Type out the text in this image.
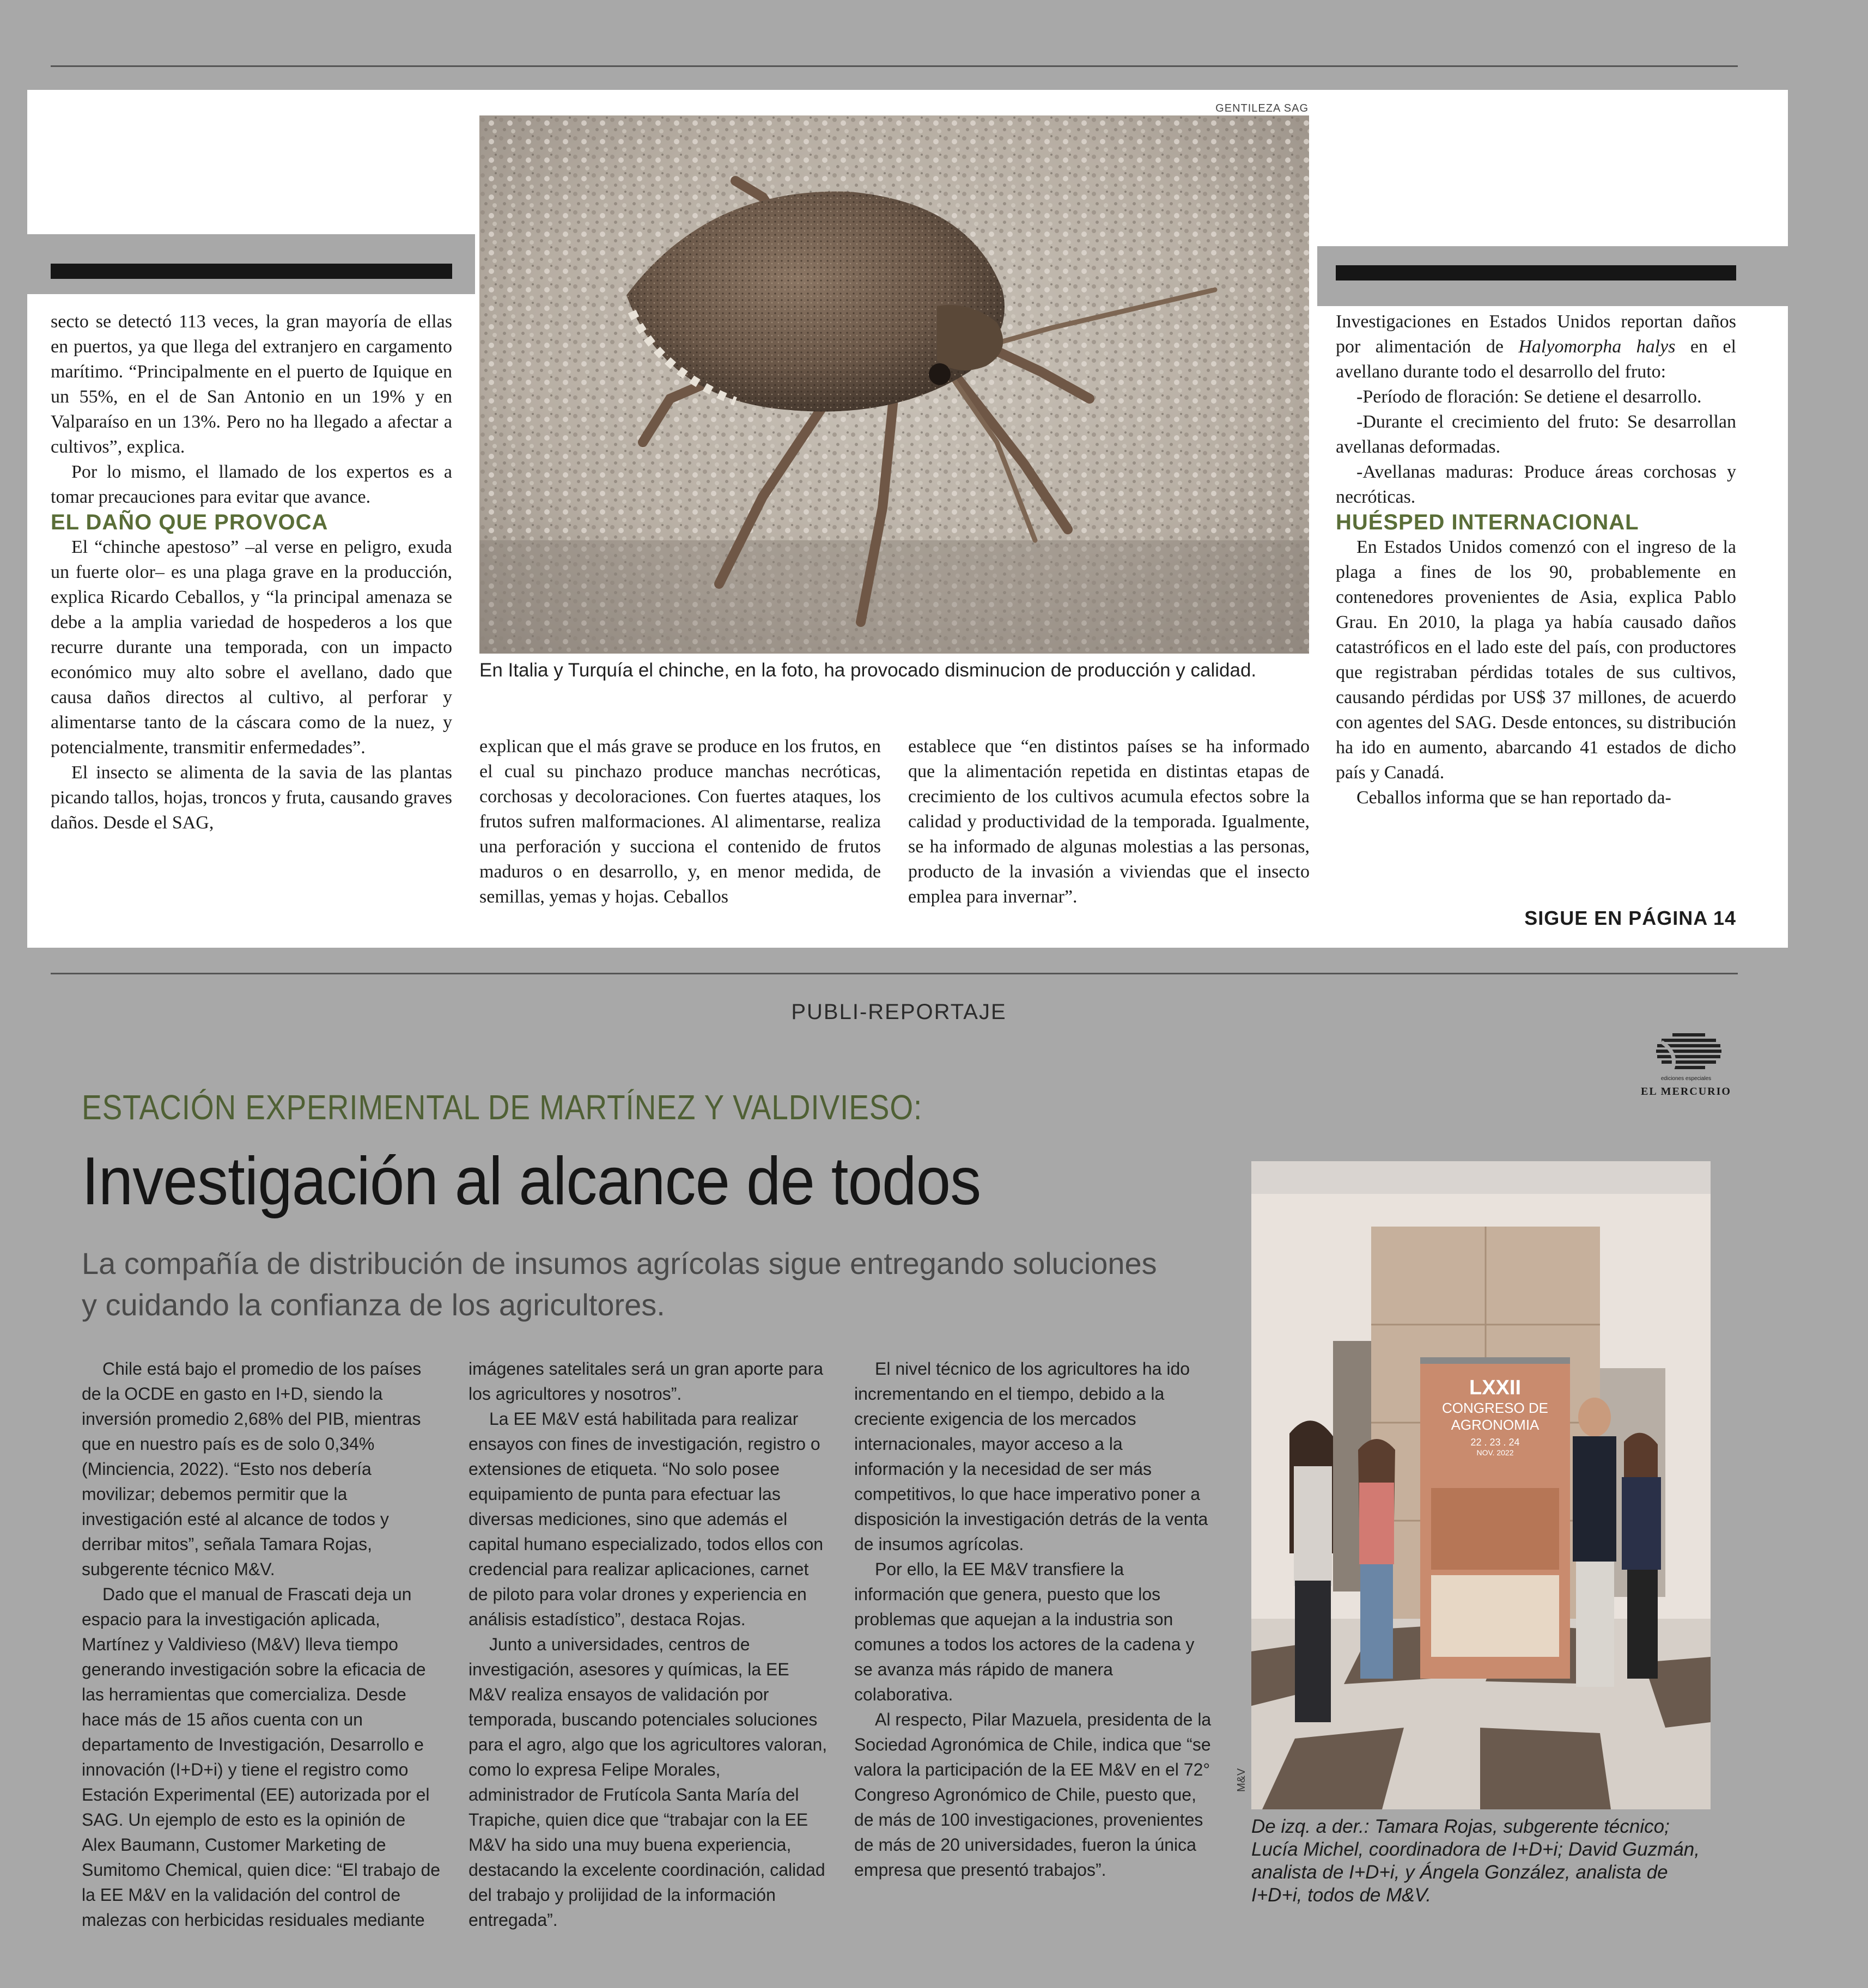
GENTILEZA SAG
En Italia y Turquía el chinche, en la foto, ha provocado disminucion de producción y calidad.

secto se detectó 113 veces, la gran mayoría de ellas en puertos, ya que llega del extranjero en cargamento marítimo. “Principalmente en el puerto de Iquique en un 55%, en el de San Antonio en un 19% y en Valparaíso en un 13%. Pero no ha llegado a afectar a cultivos”, explica.

Por lo mismo, el llamado de los expertos es a tomar precauciones para evitar que avance.

EL DAÑO QUE PROVOCA

El “chinche apestoso” –al verse en peligro, exuda un fuerte olor– es una plaga grave en la producción, explica Ricardo Ceballos, y “la principal amenaza se debe a la amplia variedad de hospederos a los que recurre durante una temporada, con un impacto económico muy alto sobre el avellano, dado que causa daños directos al cultivo, al perforar y alimentarse tanto de la cáscara como de la nuez, y potencialmente, transmitir enfermedades”.

El insecto se alimenta de la savia de las plantas picando tallos, hojas, troncos y fruta, causando graves daños. Desde el SAG,

explican que el más grave se produce en los frutos, en el cual su pinchazo produce manchas necróticas, corchosas y decoloraciones. Con fuertes ataques, los frutos sufren malformaciones. Al alimentarse, realiza una perforación y succiona el contenido de frutos maduros o en desarrollo, y, en menor medida, de semillas, yemas y hojas. Ceballos

establece que “en distintos países se ha informado que la alimentación repetida en distintas etapas de crecimiento de los cultivos acumula efectos sobre la calidad y productividad de la temporada. Igualmente, se ha informado de algunas molestias a las personas, producto de la invasión a viviendas que el insecto emplea para invernar”.

Investigaciones en Estados Unidos reportan daños por alimentación de Halyomorpha halys en el avellano durante todo el desarrollo del fruto:

-Período de floración: Se detiene el desarrollo.

-Durante el crecimiento del fruto: Se desarrollan avellanas deformadas.

-Avellanas maduras: Produce áreas corchosas y necróticas.

HUÉSPED INTERNACIONAL

En Estados Unidos comenzó con el ingreso de la plaga a fines de los 90, probablemente en contenedores provenientes de Asia, explica Pablo Grau. En 2010, la plaga ya había causado daños catastróficos en el lado este del país, con productores que registraban pérdidas totales de sus cultivos, causando pérdidas por US$ 37 millones, de acuerdo con agentes del SAG. Desde entonces, su distribución ha ido en aumento, abarcando 41 estados de dicho país y Canadá.

Ceballos informa que se han reportado da-

SIGUE EN PÁGINA 14
PUBLI-REPORTAJE
ediciones especiales
EL MERCURIO
ESTACIÓN EXPERIMENTAL DE MARTÍNEZ Y VALDIVIESO:
Investigación al alcance de todos
La compañía de distribución de insumos agrícolas sigue entregando soluciones y cuidando la confianza de los agricultores.

Chile está bajo el promedio de los países de la OCDE en gasto en I+D, siendo la inversión promedio 2,68% del PIB, mientras que en nuestro país es de solo 0,34% (Minciencia, 2022). “Esto nos debería movilizar; debemos permitir que la investigación esté al alcance de todos y derribar mitos”, señala Tamara Rojas, subgerente técnico M&V.

Dado que el manual de Frascati deja un espacio para la investigación aplicada, Martínez y Valdivieso (M&V) lleva tiempo generando investigación sobre la eficacia de las herramientas que comercializa. Desde hace más de 15 años cuenta con un departamento de Investigación, Desarrollo e innovación (I+D+i) y tiene el registro como Estación Experimental (EE) autorizada por el SAG. Un ejemplo de esto es la opinión de Alex Baumann, Customer Marketing de Sumitomo Chemical, quien dice: “El trabajo de la EE M&V en la validación del control de malezas con herbicidas residuales mediante

imágenes satelitales será un gran aporte para los agricultores y nosotros”.

La EE M&V está habilitada para realizar ensayos con fines de investigación, registro o extensiones de etiqueta. “No solo posee equipamiento de punta para efectuar las diversas mediciones, sino que además el capital humano especializado, todos ellos con credencial para realizar aplicaciones, carnet de piloto para volar drones y experiencia en análisis estadístico”, destaca Rojas.

Junto a universidades, centros de investigación, asesores y químicas, la EE M&V realiza ensayos de validación por temporada, buscando potenciales soluciones para el agro, algo que los agricultores valoran, como lo expresa Felipe Morales, administrador de Frutícola Santa María del Trapiche, quien dice que “trabajar con la EE M&V ha sido una muy buena experiencia, destacando la excelente coordinación, calidad del trabajo y prolijidad de la información entregada”.

El nivel técnico de los agricultores ha ido incrementando en el tiempo, debido a la creciente exigencia de los mercados internacionales, mayor acceso a la información y la necesidad de ser más competitivos, lo que hace imperativo poner a disposición la investigación detrás de la venta de insumos agrícolas.

Por ello, la EE M&V transfiere la información que genera, puesto que los problemas que aquejan a la industria son comunes a todos los actores de la cadena y se avanza más rápido de manera colaborativa.

Al respecto, Pilar Mazuela, presidenta de la Sociedad Agronómica de Chile, indica que “se valora la participación de la EE M&V en el 72° Congreso Agronómico de Chile, puesto que, de más de 100 investigaciones, provenientes de más de 20 universidades, fueron la única empresa que presentó trabajos”.

LXXII
CONGRESO DE
AGRONOMIA
22 . 23 . 24
NOV. 2022
M&V
De izq. a der.: Tamara Rojas, subgerente técnico; Lucía Michel, coordinadora de I+D+i; David Guzmán, analista de I+D+i, y Ángela González, analista de I+D+i, todos de M&V.
